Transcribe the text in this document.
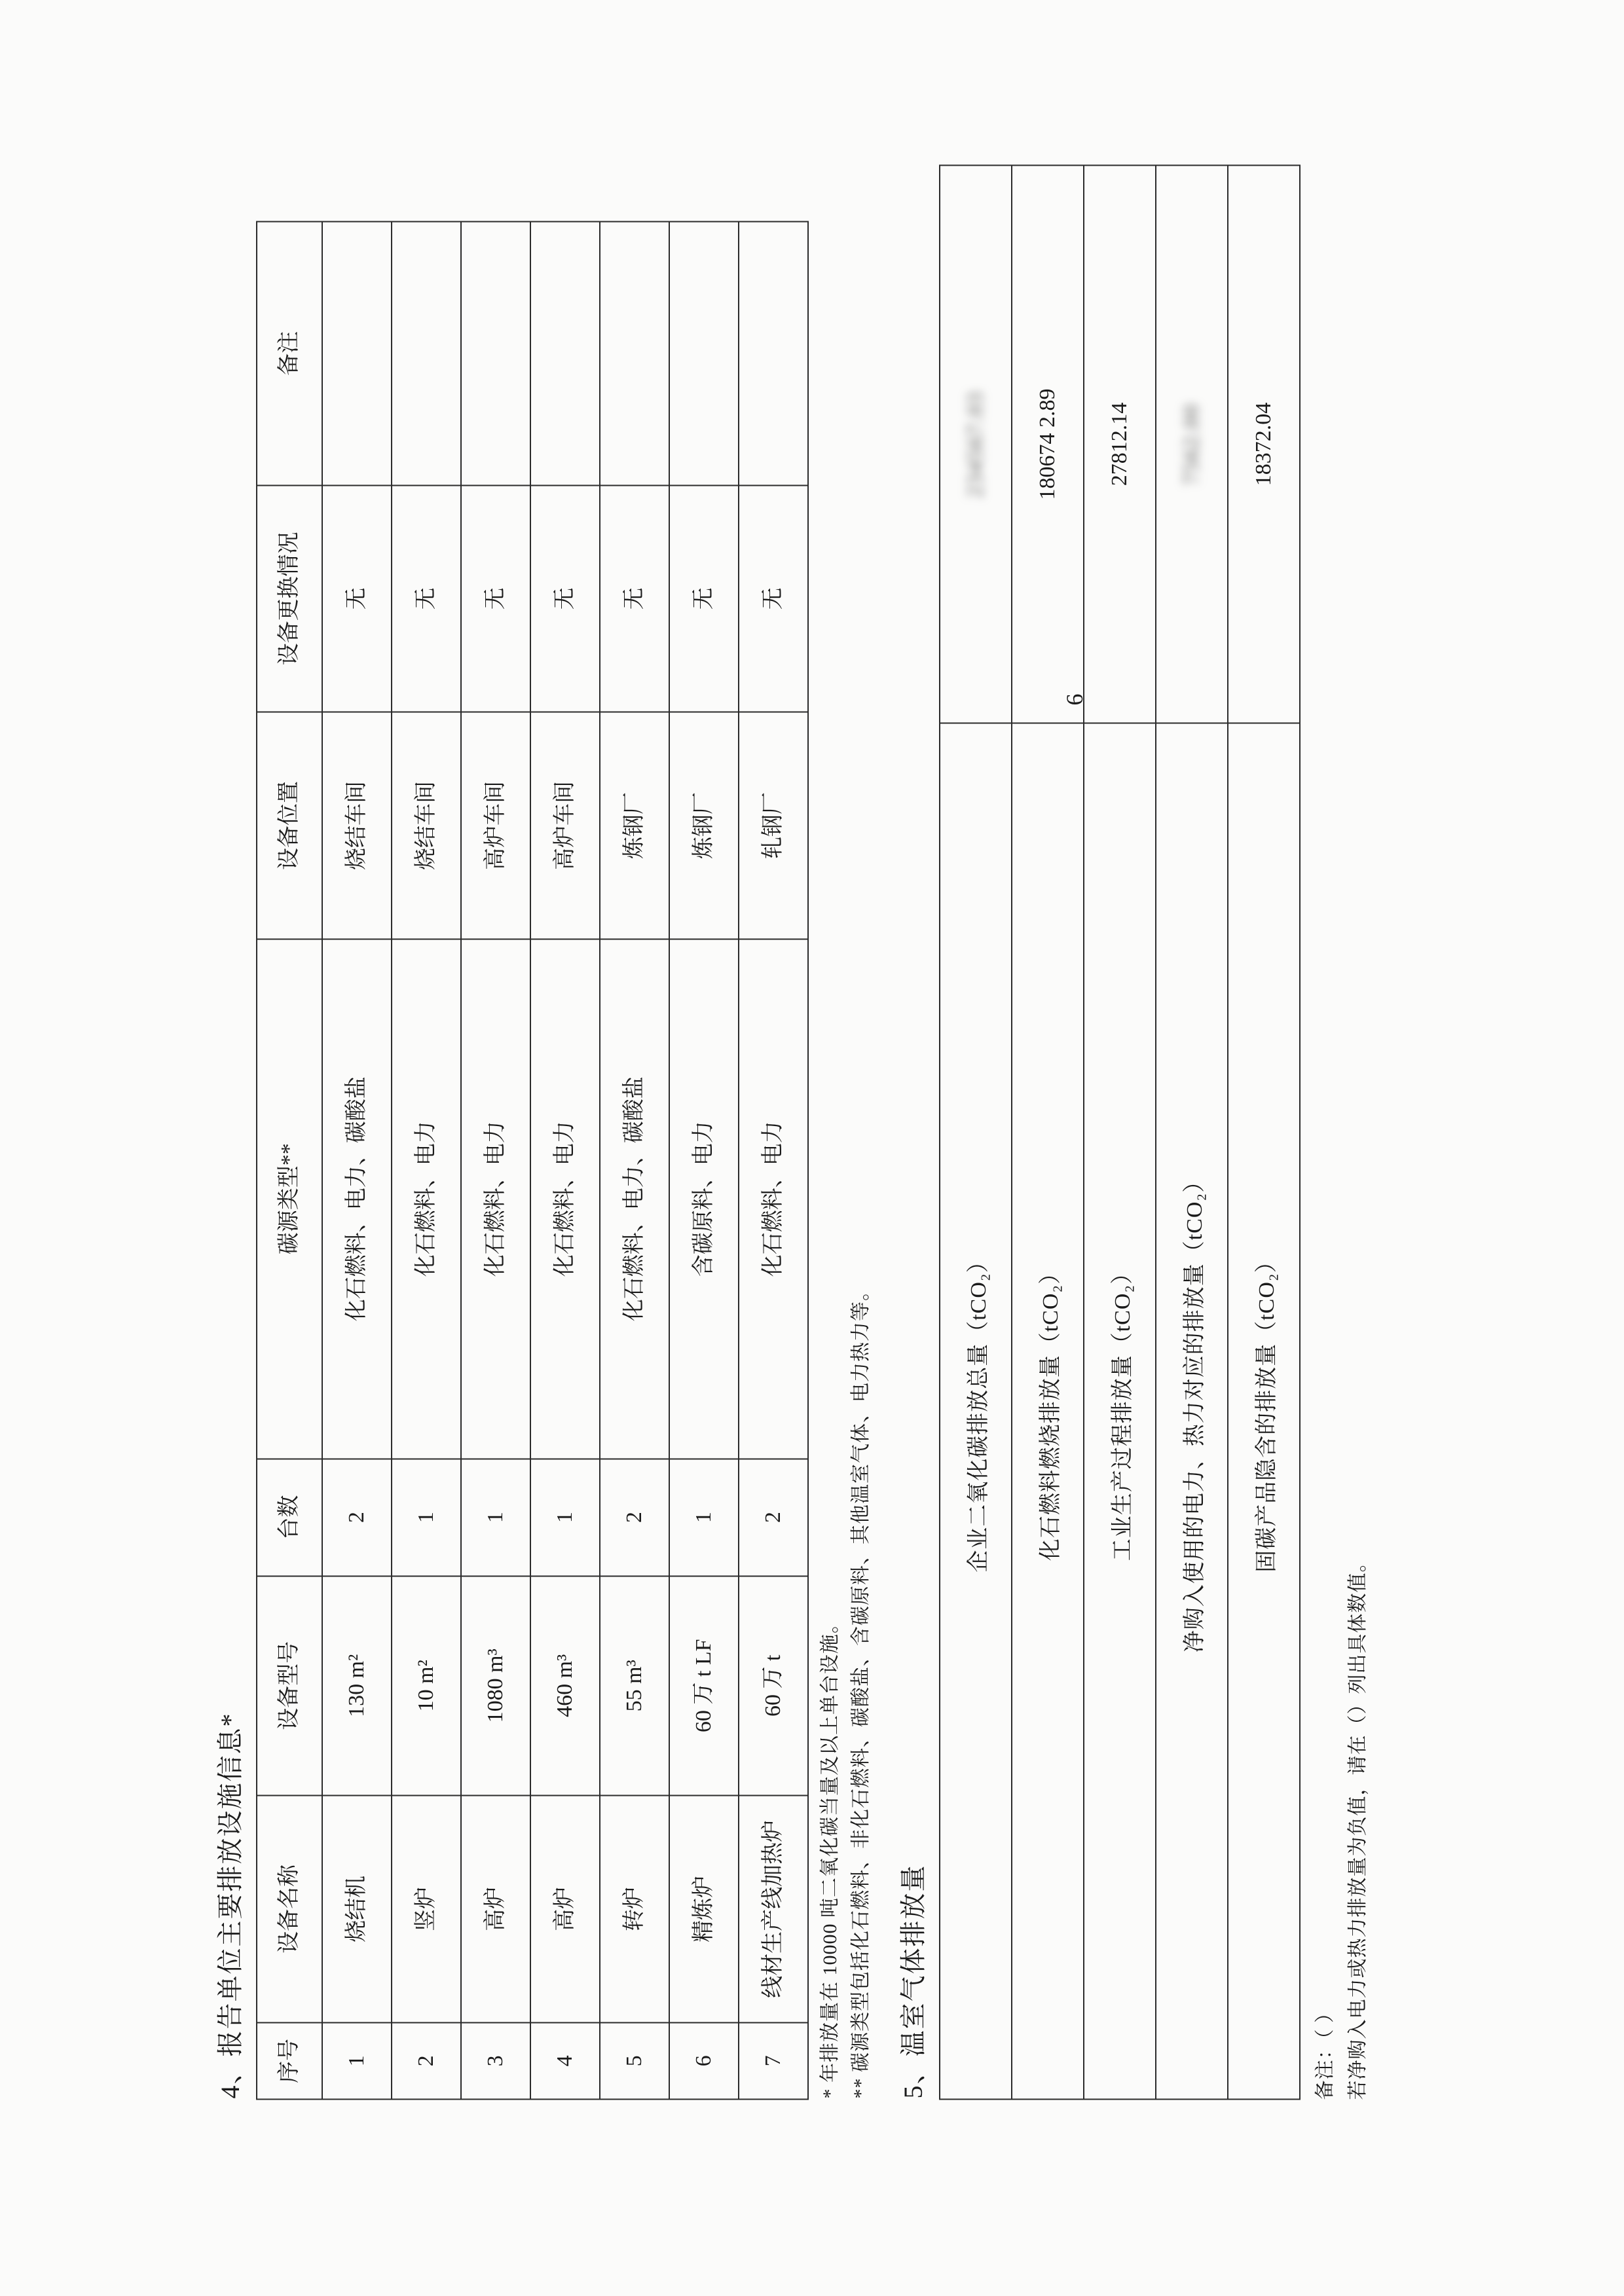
6
4、报告单位主要排放设施信息* 序号	设备名称	设备型号	台数	碳源类型**	设备位置	设备更换情况	备注
1	烧结机	130 m²	2	化石燃料、电力、碳酸盐	烧结车间	无	
2	竖炉	10 m²	1	化石燃料、电力	烧结车间	无	
3	高炉	1080 m³	1	化石燃料、电力	高炉车间	无	
4	高炉	460 m³	1	化石燃料、电力	高炉车间	无	
5	转炉	55 m³	2	化石燃料、电力、碳酸盐	炼钢厂	无	
6	精炼炉	60 万 t LF	1	含碳原料、电力	炼钢厂	无	
7	线材生产线加热炉	60 万 t	2	化石燃料、电力	轧钢厂	无	
* 年排放量在 10000 吨二氧化碳当量及以上单台设施。 ** 碳源类型包括化石燃料、非化石燃料、碳酸盐、含碳原料、其他温室气体、电力热力等。 5、温室气体排放量
企业二氧化碳排放总量（tCO₂）	234567.03
化石燃料燃烧排放量（tCO₂）	180674 2.89
工业生产过程排放量（tCO₂）	27812.14
净购入使用的电力、热力对应的排放量（tCO₂）	7562.00
固碳产品隐含的排放量（tCO₂）	18372.04
备注：（ ） 若净购入电力或热力排放量为负值，请在（）列出具体数值。
